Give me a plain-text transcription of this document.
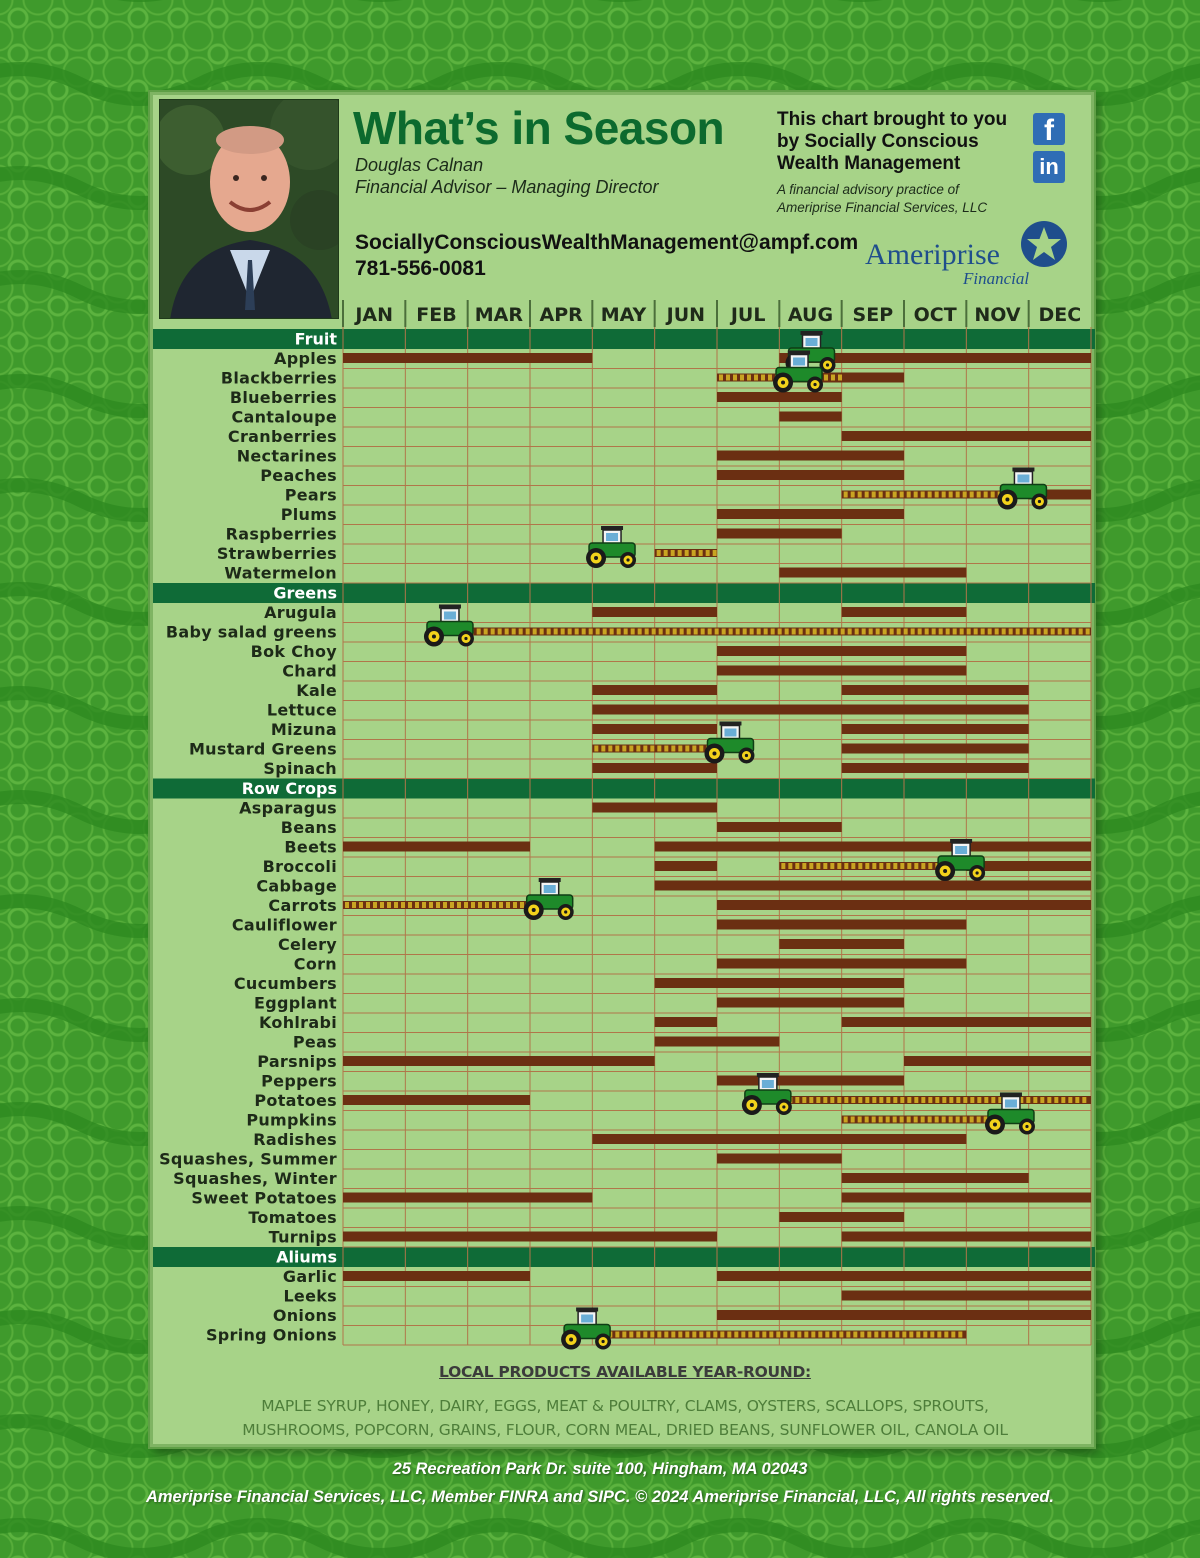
What’s in Season
Douglas Calnan
Financial Advisor – Managing Director
SociallyConsciousWealthManagement@ampf.com
781-556-0081
This chart brought to you
by Socially Conscious
Wealth Management
A financial advisory practice of
Ameriprise Financial Services, LLC
f
in
Ameriprise
Financial
JAN FEB MAR APR MAY JUN JUL AUG SEP OCT NOV DEC
Fruit
Greens
Row Crops
Aliums
Apples
Blackberries
Blueberries
Cantaloupe
Cranberries
Nectarines
Peaches
Pears
Plums
Raspberries
Strawberries
Watermelon
Arugula
Baby salad greens
Bok Choy
Chard
Kale
Lettuce
Mizuna
Mustard Greens
Spinach
Asparagus
Beans
Beets
Broccoli
Cabbage
Carrots
Cauliflower
Celery
Corn
Cucumbers
Eggplant
Kohlrabi
Peas
Parsnips
Peppers
Potatoes
Pumpkins
Radishes
Squashes, Summer
Squashes, Winter
Sweet Potatoes
Tomatoes
Turnips
Garlic
Leeks
Onions
Spring Onions
LOCAL PRODUCTS AVAILABLE YEAR-ROUND:
MAPLE SYRUP, HONEY, DAIRY, EGGS, MEAT & POULTRY, CLAMS, OYSTERS, SCALLOPS, SPROUTS,
MUSHROOMS, POPCORN, GRAINS, FLOUR, CORN MEAL, DRIED BEANS, SUNFLOWER OIL, CANOLA OIL
25 Recreation Park Dr. suite 100, Hingham, MA 02043
Ameriprise Financial Services, LLC, Member FINRA and SIPC. © 2024 Ameriprise Financial, LLC, All rights reserved.
